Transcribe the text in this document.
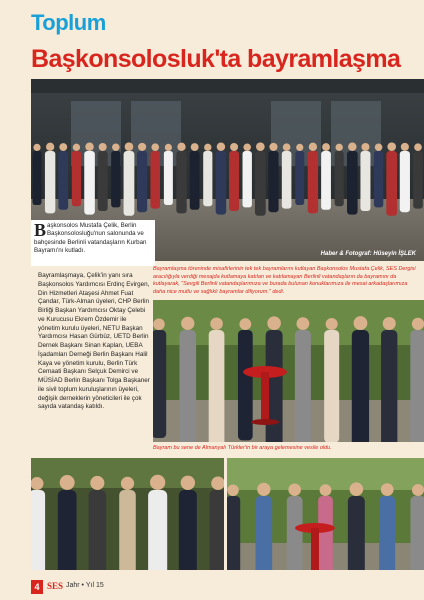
Toplum
Başkonsolosluk'ta bayramlaşma
Haber & Fotograf: Hüseyin İŞLEK
Başkonsolos Mustafa Çelik, Berlin Başkonsolosluğu'nun salonunda ve bahçesinde Berlinli vatandaşların Kurban Bayramı'nı kutladı.
Bayramlaşmaya, Çelik'in yanı sıra Başkonsolos Yardımcısı Erdinç Evirgen, Din Hizmetleri Ataşesi Ahmet Fuat Çandar, Türk-Alman üyeleri, CHP Berlin Birliği Başkan Yardımcısı Oktay Çelebi ve Kurucusu Ekrem Özdemir ile yönetim kurulu üyeleri, NETU Başkan Yardımcısı Hasan Gürbüz, UETD Berlin Dernek Başkanı Sinan Kaplan, UEBA İşadamları Derneği Berlin Başkanı Halil Kaya ve yönetim kurulu, Berlin Türk Cemaati Başkanı Selçuk Demirci ve MÜSİAD Berlin Başkanı Tolga Başkaner ile sivil toplum kuruluşlarının üyeleri, değişik derneklerin yöneticileri ile çok sayıda vatandaş katıldı.
Bayramlaşma töreninde misafirlerinin tek tek bayramlarını kutlayan Başkonsolos Mustafa Çelik, SES Dergisi aracılığıyla verdiği mesajda kutlamaya katılan ve katılamayan Berlinli vatandaşların da bayramını da kutlayarak, "Sevgili Berlinli vatandaşlarımıza ve burada bulunan konuklarımıza ile mesai arkadaşlarımıza daha nice mutlu ve sağlıklı bayramlar diliyorum." dedi.
Bayram bu sene de Almanyalı Türkler'in bir araya gelemesine vesile oldu.
4 SES Jahr • Yıl 15
